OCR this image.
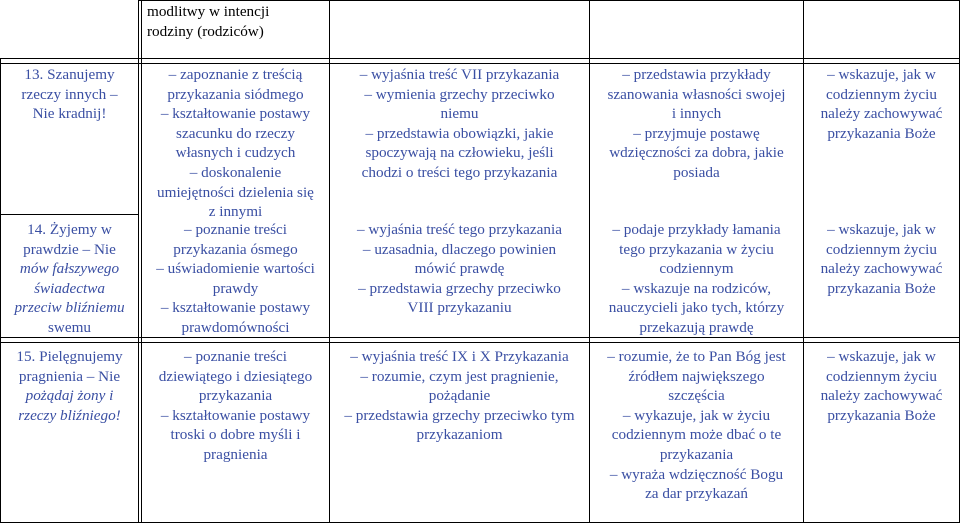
modlitwy w intencji
rodziny (rodziców)
13. Szanujemy
rzeczy innych –
Nie kradnij!
– zapoznanie z treścią
przykazania siódmego
– kształtowanie postawy
szacunku do rzeczy
własnych i cudzych
– doskonalenie
umiejętności dzielenia się
z innymi
– wyjaśnia treść VII przykazania
– wymienia grzechy przeciwko
niemu
– przedstawia obowiązki, jakie
spoczywają na człowieku, jeśli
chodzi o treści tego przykazania
– przedstawia przykłady
szanowania własności swojej
i innych
– przyjmuje postawę
wdzięczności za dobra, jakie
posiada
– wskazuje, jak w
codziennym życiu
należy zachowywać
przykazania Boże
14. Żyjemy w
prawdzie – Nie
mów fałszywego
świadectwa
przeciw bliźniemu
swemu
– poznanie treści
przykazania ósmego
– uświadomienie wartości
prawdy
– kształtowanie postawy
prawdomówności
– wyjaśnia treść tego przykazania
– uzasadnia, dlaczego powinien
mówić prawdę
– przedstawia grzechy przeciwko
VIII przykazaniu
– podaje przykłady łamania
tego przykazania w życiu
codziennym
– wskazuje na rodziców,
nauczycieli jako tych, którzy
przekazują prawdę
– wskazuje, jak w
codziennym życiu
należy zachowywać
przykazania Boże
15. Pielęgnujemy
pragnienia – Nie
pożądaj żony i
rzeczy bliźniego!
– poznanie treści
dziewiątego i dziesiątego
przykazania
– kształtowanie postawy
troski o dobre myśli i
pragnienia
– wyjaśnia treść IX i X Przykazania
– rozumie, czym jest pragnienie,
pożądanie
– przedstawia grzechy przeciwko tym
przykazaniom
– rozumie, że to Pan Bóg jest
źródłem największego
szczęścia
– wykazuje, jak w życiu
codziennym może dbać o te
przykazania
– wyraża wdzięczność Bogu
za dar przykazań
– wskazuje, jak w
codziennym życiu
należy zachowywać
przykazania Boże
